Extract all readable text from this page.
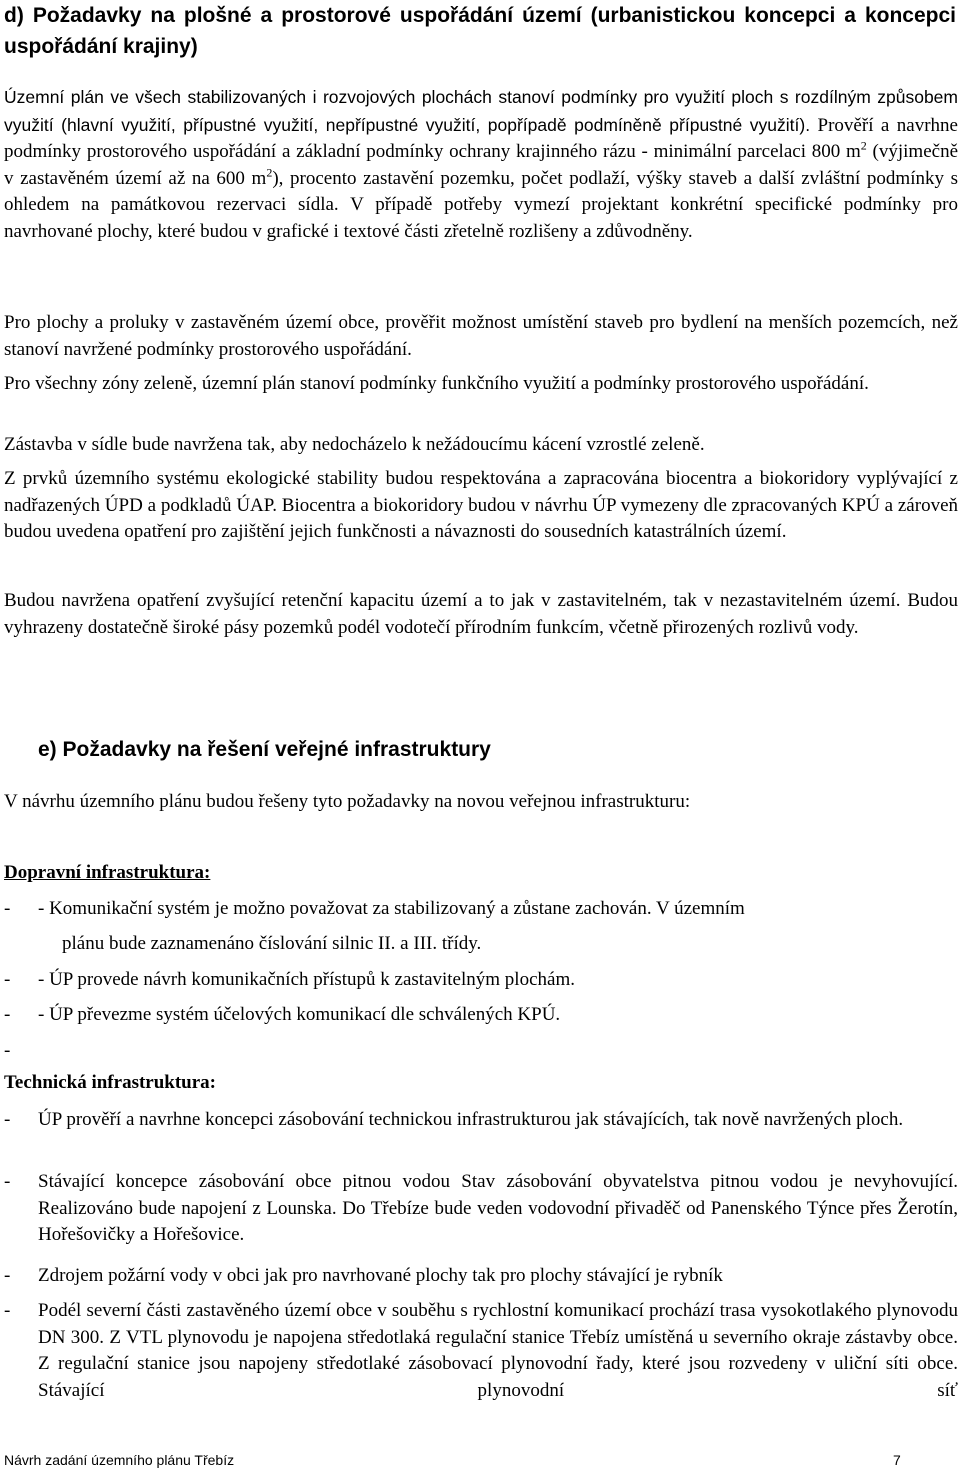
d) Požadavky na plošné a prostorové uspořádání území (urbanistickou koncepci a koncepci uspořádání krajiny)

Územní plán ve všech stabilizovaných i rozvojových plochách stanoví podmínky pro využití ploch s rozdílným způsobem využití (hlavní využití, přípustné využití, nepřípustné využití, popřípadě podmíněně přípustné využití). Prověří a navrhne podmínky prostorového uspořádání a základní podmínky ochrany krajinného rázu - minimální parcelaci 800 $m^2$ (výjimečně v zastavěném území až na 600 $m^2$), procento zastavění pozemku, počet podlaží, výšky staveb a další zvláštní podmínky s ohledem na památkovou rezervaci sídla. V případě potřeby vymezí projektant konkrétní specifické podmínky pro navrhované plochy, které budou v grafické i textové části zřetelně rozlišeny a zdůvodněny.

Pro plochy a proluky v zastavěném území obce, prověřit možnost umístění staveb pro bydlení na menších pozemcích, než stanoví navržené podmínky prostorového uspořádání.

Pro všechny zóny zeleně, územní plán stanoví podmínky funkčního využití a podmínky prostorového uspořádání.

Zástavba v sídle bude navržena tak, aby nedocházelo k nežádoucímu kácení vzrostlé zeleně.

Z prvků územního systému ekologické stability budou respektována a zapracována biocentra a biokoridory vyplývající z nadřazených ÚPD a podkladů ÚAP. Biocentra a biokoridory budou v návrhu ÚP vymezeny dle zpracovaných KPÚ a zároveň budou uvedena opatření pro zajištění jejich funkčnosti a návaznosti do sousedních katastrálních území.

Budou navržena opatření zvyšující retenční kapacitu území a to jak v zastavitelném, tak v nezastavitelném území. Budou vyhrazeny dostatečně široké pásy pozemků podél vodotečí přírodním funkcím, včetně přirozených rozlivů vody.

e) Požadavky na řešení veřejné infrastruktury

V návrhu územního plánu budou řešeny tyto požadavky na novou veřejnou infrastrukturu:

Dopravní infrastruktura:
- - Komunikační systém je možno považovat za stabilizovaný a zůstane zachován. V územním
plánu bude zaznamenáno číslování silnic II. a III. třídy.
- - ÚP provede návrh komunikačních přístupů k zastavitelným plochám.
- - ÚP převezme systém účelových komunikací dle schválených KPÚ.
-
Technická infrastruktura:
- ÚP prověří a navrhne koncepci zásobování technickou infrastrukturou jak stávajících, tak nově navržených ploch.
- Stávající koncepce zásobování obce pitnou vodou Stav zásobování obyvatelstva pitnou vodou je nevyhovující. Realizováno bude napojení z Lounska. Do Třebíze bude veden vodovodní přivaděč od Panenského Týnce přes Žerotín, Hořešovičky a Hořešovice.
- Zdrojem požární vody v obci jak pro navrhované plochy tak pro plochy stávající je rybník
- Podél severní části zastavěného území obce v souběhu s rychlostní komunikací prochází trasa vysokotlakého plynovodu DN 300. Z VTL plynovodu je napojena středotlaká regulační stanice Třebíz umístěná u severního okraje zástavby obce. Z regulační stanice jsou napojeny středotlaké zásobovací plynovodní řady, které jsou rozvedeny v uliční síti obce. Stávající plynovodní síť
Návrh zadání územního plánu Třebíz	7
